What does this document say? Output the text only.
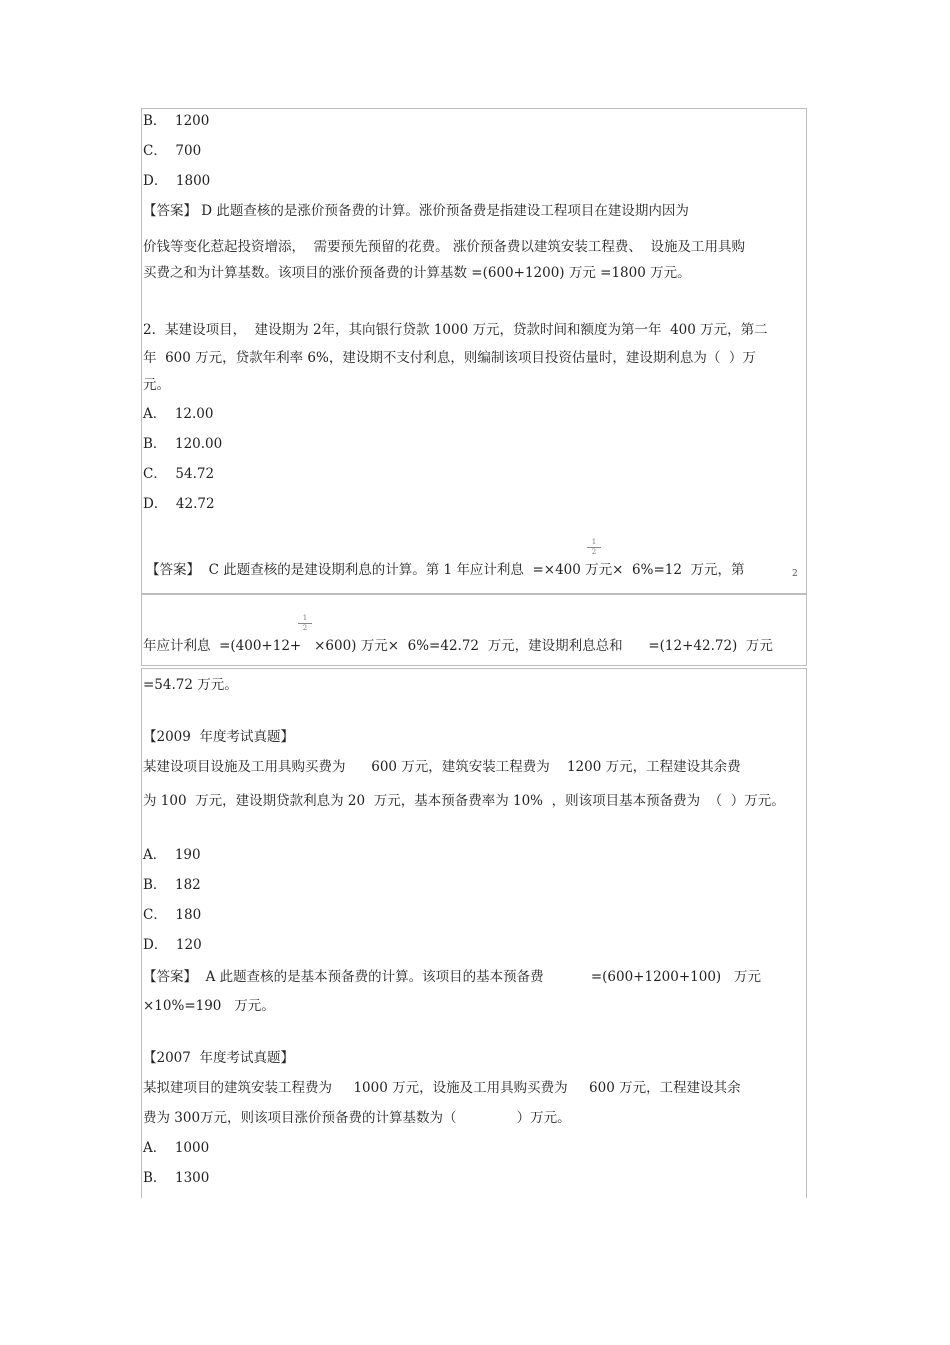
B．  1200
C．  700
D．  1800
【答案】 D 此题查核的是涨价预备费的计算。涨价预备费是指建设工程项目在建设期内因为
价钱等变化惹起投资增添，  需要预先预留的花费。 涨价预备费以建筑安装工程费、  设施及工用具购
买费之和为计算基数。该项目的涨价预备费的计算基数 =(600+1200) 万元 =1800 万元。
2．某建设项目，  建设期为 2年，其向银行贷款 1000 万元，贷款时间和额度为第一年  400 万元，第二
年  600 万元，贷款年利率 6%，建设期不支付利息，则编制该项目投资估量时，建设期利息为（  ）万
元。
A．  12.00
B．  120.00
C．  54.72
D．  42.72
1
2
【答案】  C 此题查核的是建设期利息的计算。第 1 年应计利息  =×400 万元×  6%=12  万元，第	2
1
2
年应计利息  =(400+12+   ×600) 万元×  6%=42.72  万元，建设期利息总和      =(12+42.72)  万元
=54.72 万元。
【2009  年度考试真题】
某建设项目设施及工用具购买费为      600 万元，建筑安装工程费为    1200 万元，工程建设其余费
为 100  万元，建设期贷款利息为 20  万元，基本预备费率为 10%  ，则该项目基本预备费为  （  ）万元。
A．  190
B．  182
C．  180
D．  120
【答案】  A 此题查核的是基本预备费的计算。该项目的基本预备费           =(600+1200+100)   万元
×10%=190   万元。
【2007  年度考试真题】
某拟建项目的建筑安装工程费为     1000 万元，设施及工用具购买费为     600 万元，工程建设其余
费为 300万元，则该项目涨价预备费的计算基数为（              ）万元。
A．  1000
B．  1300
